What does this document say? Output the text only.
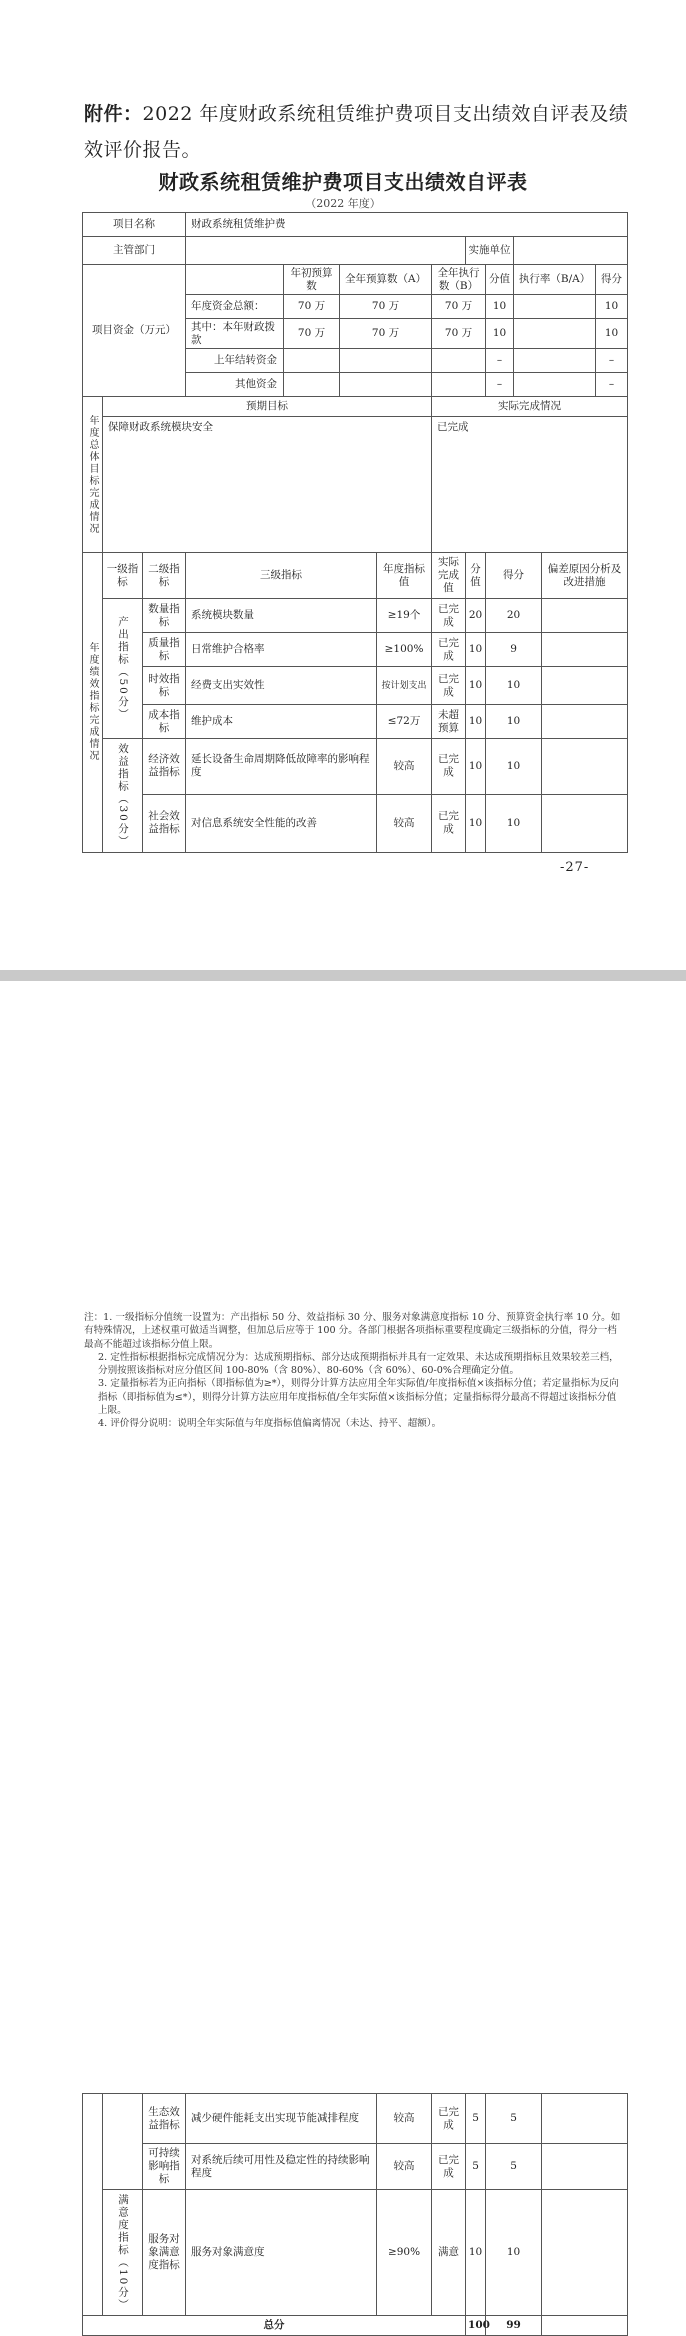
附件：2022 年度财政系统租赁维护费项目支出绩效自评表及绩效评价报告。
财政系统租赁维护费项目支出绩效自评表
（2022 年度）
项目名称			财政系统租赁维护费									
主管部门								实施单位				
项目资金（万元）				年初预算数	全年预算数（A）		全年执行数（B）		分值	执行率（B/A）		得分
			年度资金总额：	70 万	70 万		70 万		10			10
			其中：本年财政拨款	70 万	70 万		70 万		10			10
			上年结转资金						–			–
			其他资金						–			–
年度总体目标完成情况	预期目标						实际完成情况					
	保障财政系统模块安全						已完成					
年度绩效指标完成情况	一级指标	二级指标	三级指标			年度指标值	实际完成值	分值	得分		偏差原因分析及改进措施	
	产出指标（50分）	数量指标	系统模块数量			≥19个	已完成	20	20			
		质量指标	日常维护合格率			≥100%	已完成	10	9			
		时效指标	经费支出实效性			按计划支出	已完成	10	10			
		成本指标	维护成本			≤72万	未超预算	10	10			
	效益指标（30分）	经济效益指标	延长设备生命周期降低故障率的影响程度			较高	已完成	10	10			
		社会效益指标	对信息系统安全性能的改善			较高	已完成	10	10			
-27-
		生态效益指标	减少硬件能耗支出实现节能减排程度	较高	已完成	5	5	
		可持续影响指标	对系统后续可用性及稳定性的持续影响程度	较高	已完成	5	5	
	满意度指标（10分）	服务对象满意度指标	服务对象满意度	≥90%	满意	10	10	
总分						100	99	

注：1. 一级指标分值统一设置为：产出指标 50 分、效益指标 30 分、服务对象满意度指标 10 分、预算资金执行率 10 分。如有特殊情况，上述权重可做适当调整，但加总后应等于 100 分。各部门根据各项指标重要程度确定三级指标的分值，得分一档最高不能超过该指标分值上限。

2. 定性指标根据指标完成情况分为：达成预期指标、部分达成预期指标并具有一定效果、未达成预期指标且效果较差三档，分别按照该指标对应分值区间 100-80%（含 80%）、80-60%（含 60%）、60-0%合理确定分值。

3. 定量指标若为正向指标（即指标值为≥*），则得分计算方法应用全年实际值/年度指标值×该指标分值；若定量指标为反向指标（即指标值为≤*），则得分计算方法应用年度指标值/全年实际值×该指标分值；定量指标得分最高不得超过该指标分值上限。

4. 评价得分说明：说明全年实际值与年度指标值偏离情况（未达、持平、超额）。
